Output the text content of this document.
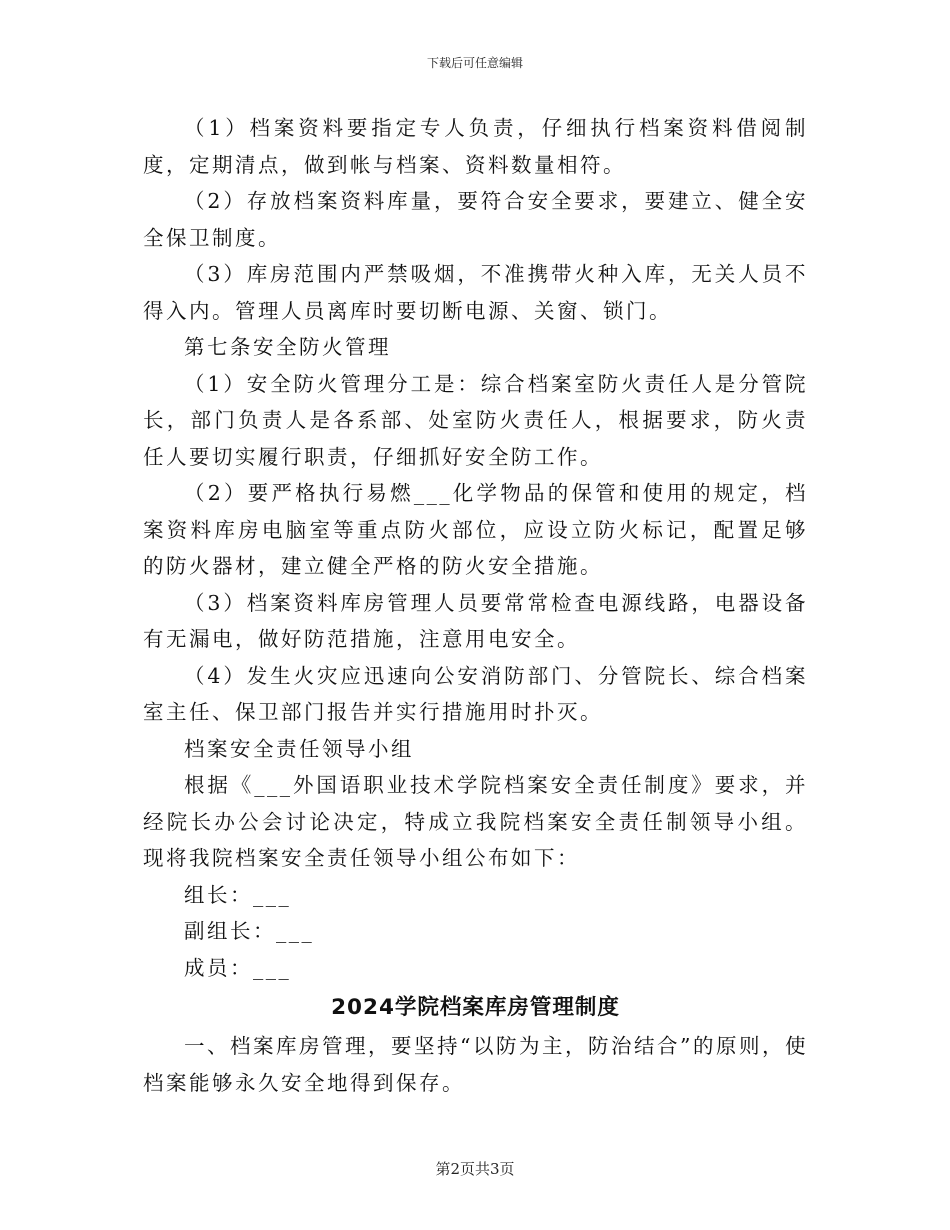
下载后可任意编辑

（1）档案资料要指定专人负责，仔细执行档案资料借阅制度，定期清点，做到帐与档案、资料数量相符。

（2）存放档案资料库量，要符合安全要求，要建立、健全安全保卫制度。

（3）库房范围内严禁吸烟，不准携带火种入库，无关人员不得入内。管理人员离库时要切断电源、关窗、锁门。

第七条安全防火管理

（1）安全防火管理分工是：综合档案室防火责任人是分管院长，部门负责人是各系部、处室防火责任人，根据要求，防火责任人要切实履行职责，仔细抓好安全防工作。

（2）要严格执行易燃___化学物品的保管和使用的规定，档案资料库房电脑室等重点防火部位，应设立防火标记，配置足够的防火器材，建立健全严格的防火安全措施。

（3）档案资料库房管理人员要常常检查电源线路，电器设备有无漏电，做好防范措施，注意用电安全。

（4）发生火灾应迅速向公安消防部门、分管院长、综合档案室主任、保卫部门报告并实行措施用时扑灭。

档案安全责任领导小组

根据《___外国语职业技术学院档案安全责任制度》要求，并经院长办公会讨论决定，特成立我院档案安全责任制领导小组。现将我院档案安全责任领导小组公布如下：

组长：___

副组长：___

成员：___

2024学院档案库房管理制度

一、档案库房管理，要坚持“以防为主，防治结合”的原则，使档案能够永久安全地得到保存。

第2页共3页
